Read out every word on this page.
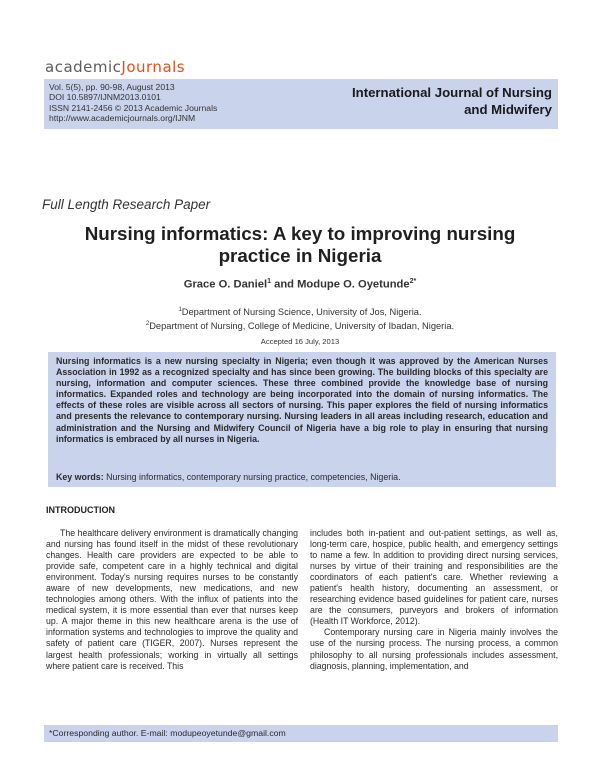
academicJournals
Vol. 5(5), pp. 90-98, August 2013
DOI 10.5897/IJNM2013.0101
ISSN 2141-2456 © 2013 Academic Journals
http://www.academicjournals.org/IJNM
International Journal of Nursing
and Midwifery
Full Length Research Paper
Nursing informatics: A key to improving nursing
practice in Nigeria
Grace O. Daniel$^1$ and Modupe O. Oyetunde$^{2*}$
$^1$Department of Nursing Science, University of Jos, Nigeria.
$^2$Department of Nursing, College of Medicine, University of Ibadan, Nigeria.
Accepted 16 July, 2013
Nursing informatics is a new nursing specialty in Nigeria; even though it was approved by the American Nurses Association in 1992 as a recognized specialty and has since been growing. The building blocks of this specialty are nursing, information and computer sciences. These three combined provide the knowledge base of nursing informatics. Expanded roles and technology are being incorporated into the domain of nursing informatics. The effects of these roles are visible across all sectors of nursing. This paper explores the field of nursing informatics and presents the relevance to contemporary nursing. Nursing leaders in all areas including research, education and administration and the Nursing and Midwifery Council of Nigeria have a big role to play in ensuring that nursing informatics is embraced by all nurses in Nigeria.
Key words: Nursing informatics, contemporary nursing practice, competencies, Nigeria.
INTRODUCTION

The healthcare delivery environment is dramatically changing and nursing has found itself in the midst of these revolutionary changes. Health care providers are expected to be able to provide safe, competent care in a highly technical and digital environment. Today's nursing requires nurses to be constantly aware of new developments, new medications, and new technologies among others. With the influx of patients into the medical system, it is more essential than ever that nurses keep up. A major theme in this new healthcare arena is the use of information systems and technologies to improve the quality and safety of patient care (TIGER, 2007). Nurses represent the largest health professionals; working in virtually all settings where patient care is received. This

includes both in-patient and out-patient settings, as well as, long-term care, hospice, public health, and emergency settings to name a few. In addition to providing direct nursing services, nurses by virtue of their training and responsibilities are the coordinators of each patient's care. Whether reviewing a patient's health history, documenting an assessment, or researching evidence based guidelines for patient care, nurses are the consumers, purveyors and brokers of information (Health IT Workforce, 2012).

Contemporary nursing care in Nigeria mainly involves the use of the nursing process. The nursing process, a common philosophy to all nursing professionals includes assessment, diagnosis, planning, implementation, and

*Corresponding author. E-mail: modupeoyetunde@gmail.com
